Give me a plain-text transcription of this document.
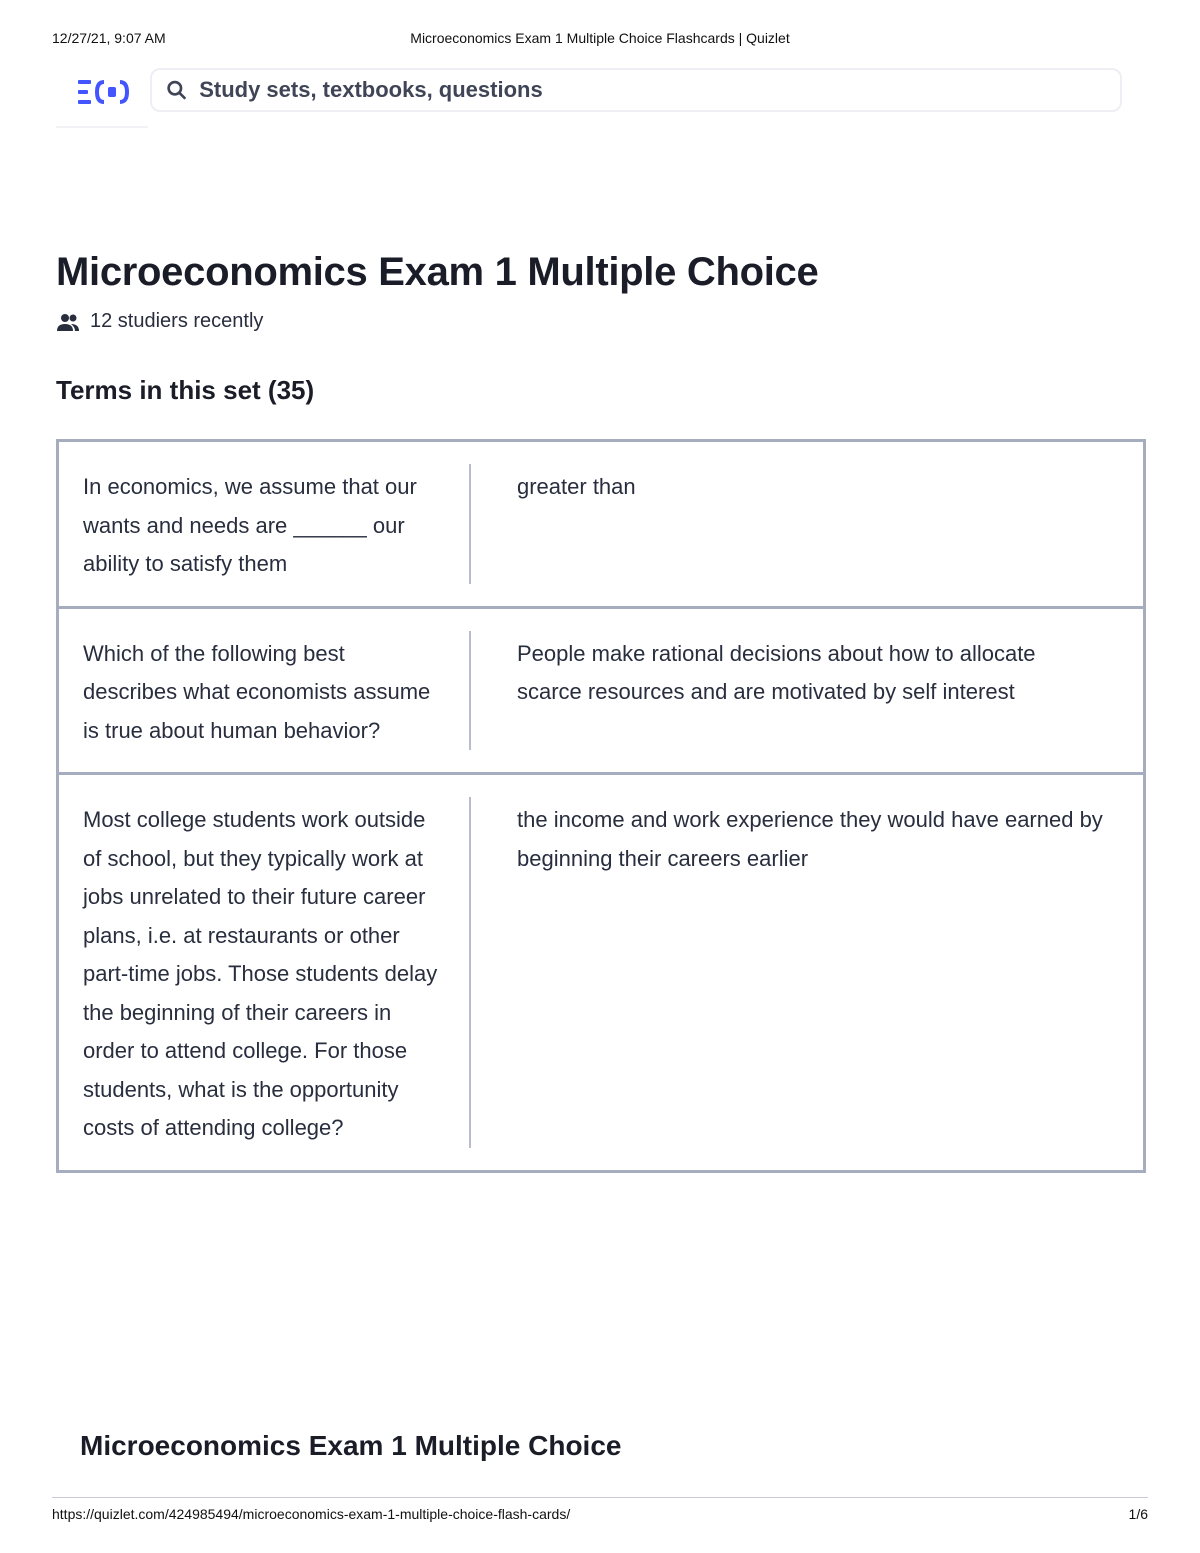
12/27/21, 9:07 AM	Microeconomics Exam 1 Multiple Choice Flashcards | Quizlet
Study sets, textbooks, questions
Microeconomics Exam 1 Multiple Choice
12 studiers recently
Terms in this set (35)
In economics, we assume that our wants and needs are ______ our ability to satisfy them
greater than
Which of the following best describes what economists assume is true about human behavior?
People make rational decisions about how to allocate scarce resources and are motivated by self interest
Most college students work outside of school, but they typically work at jobs unrelated to their future career plans, i.e. at restaurants or other part-time jobs. Those students delay the beginning of their careers in order to attend college. For those students, what is the opportunity costs of attending college?
the income and work experience they would have earned by beginning their careers earlier
Microeconomics Exam 1 Multiple Choice
https://quizlet.com/424985494/microeconomics-exam-1-multiple-choice-flash-cards/	1/6
